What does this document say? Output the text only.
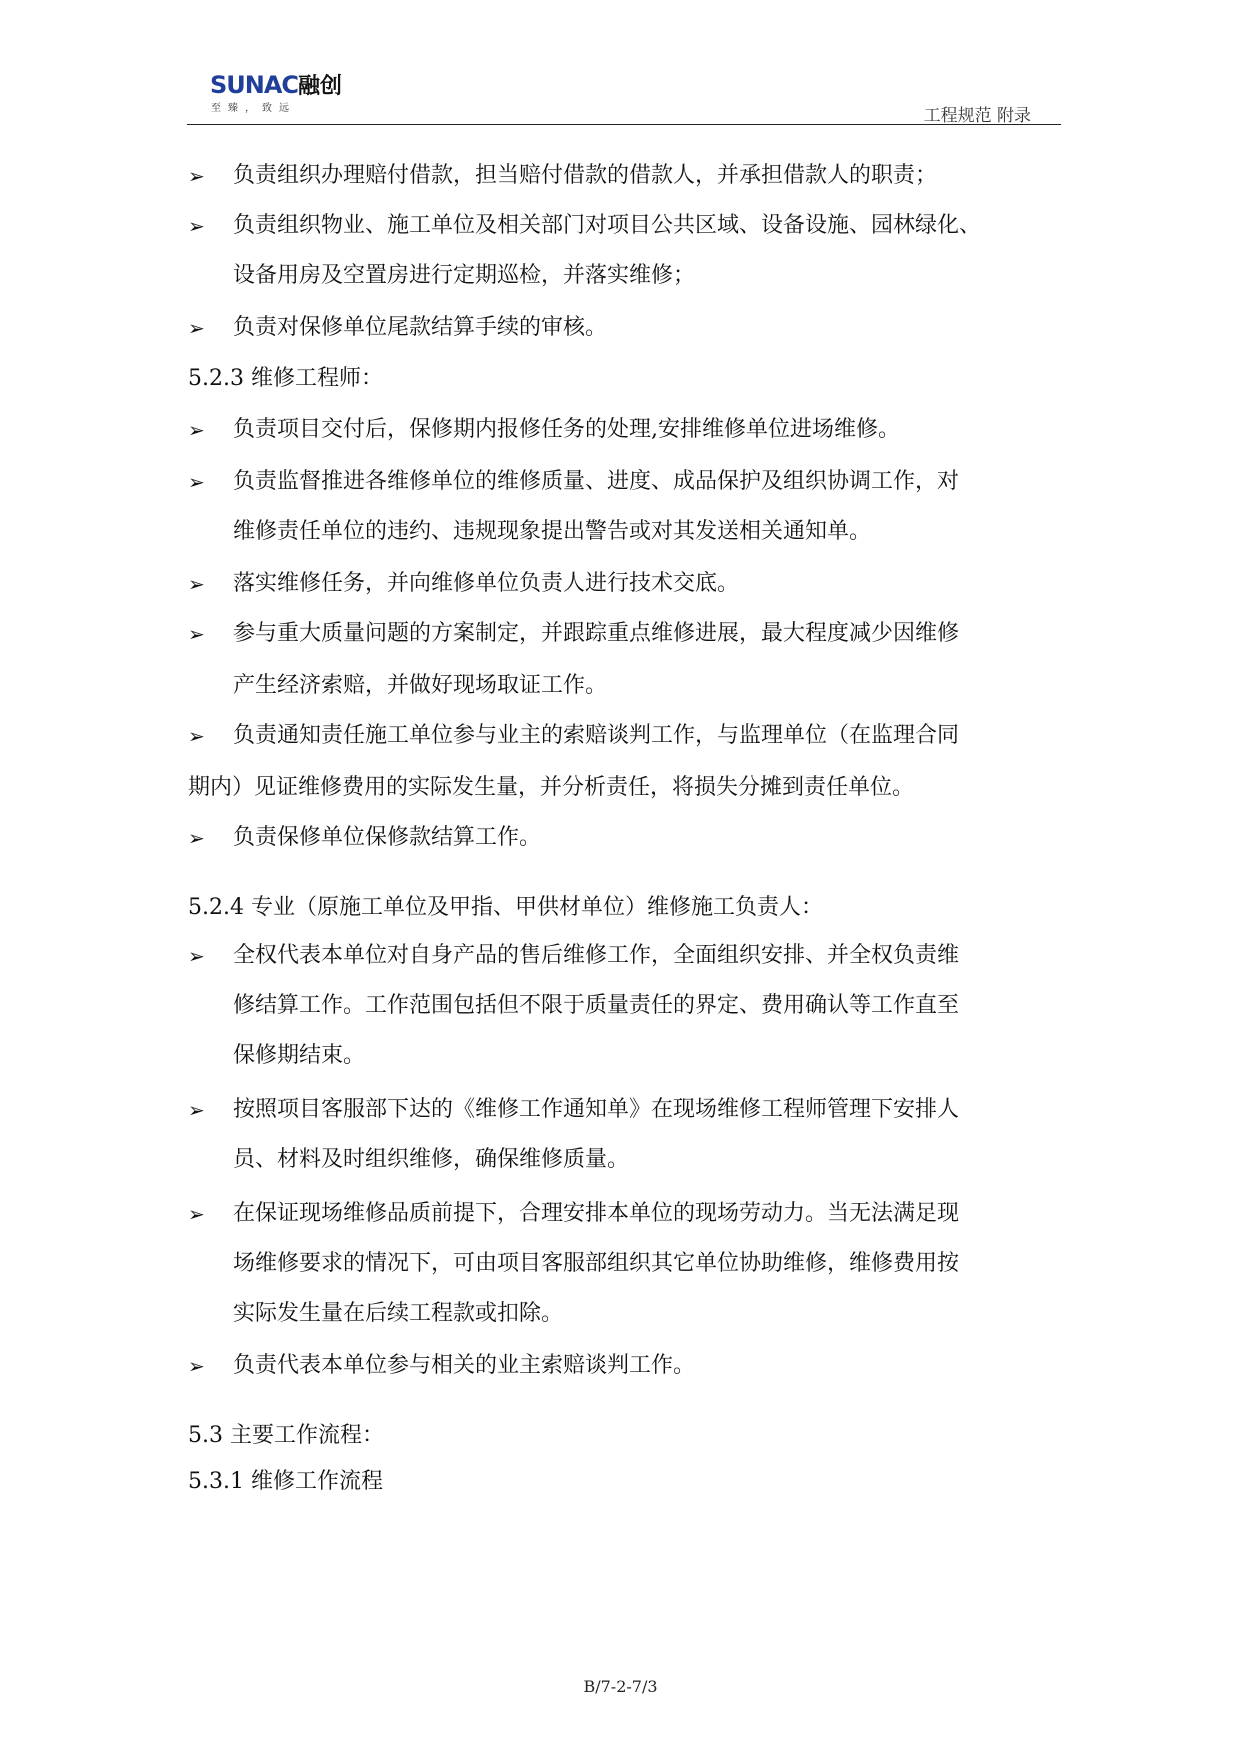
SUNAC融创
至臻，致远	工程规范 附录
➢ 负责组织办理赔付借款，担当赔付借款的借款人，并承担借款人的职责；
➢ 负责组织物业、施工单位及相关部门对项目公共区域、设备设施、园林绿化、
设备用房及空置房进行定期巡检，并落实维修；
➢ 负责对保修单位尾款结算手续的审核。
5.2.3 维修工程师：
➢ 负责项目交付后，保修期内报修任务的处理,安排维修单位进场维修。
➢ 负责监督推进各维修单位的维修质量、进度、成品保护及组织协调工作，对
维修责任单位的违约、违规现象提出警告或对其发送相关通知单。
➢ 落实维修任务，并向维修单位负责人进行技术交底。
➢ 参与重大质量问题的方案制定，并跟踪重点维修进展，最大程度减少因维修
产生经济索赔，并做好现场取证工作。
➢ 负责通知责任施工单位参与业主的索赔谈判工作，与监理单位（在监理合同
期内）见证维修费用的实际发生量，并分析责任，将损失分摊到责任单位。
➢ 负责保修单位保修款结算工作。
5.2.4 专业（原施工单位及甲指、甲供材单位）维修施工负责人：
➢ 全权代表本单位对自身产品的售后维修工作，全面组织安排、并全权负责维
修结算工作。工作范围包括但不限于质量责任的界定、费用确认等工作直至
保修期结束。
➢ 按照项目客服部下达的《维修工作通知单》在现场维修工程师管理下安排人
员、材料及时组织维修，确保维修质量。
➢ 在保证现场维修品质前提下，合理安排本单位的现场劳动力。当无法满足现
场维修要求的情况下，可由项目客服部组织其它单位协助维修，维修费用按
实际发生量在后续工程款或扣除。
➢ 负责代表本单位参与相关的业主索赔谈判工作。
5.3 主要工作流程：
5.3.1 维修工作流程
B/7-2-7/3
